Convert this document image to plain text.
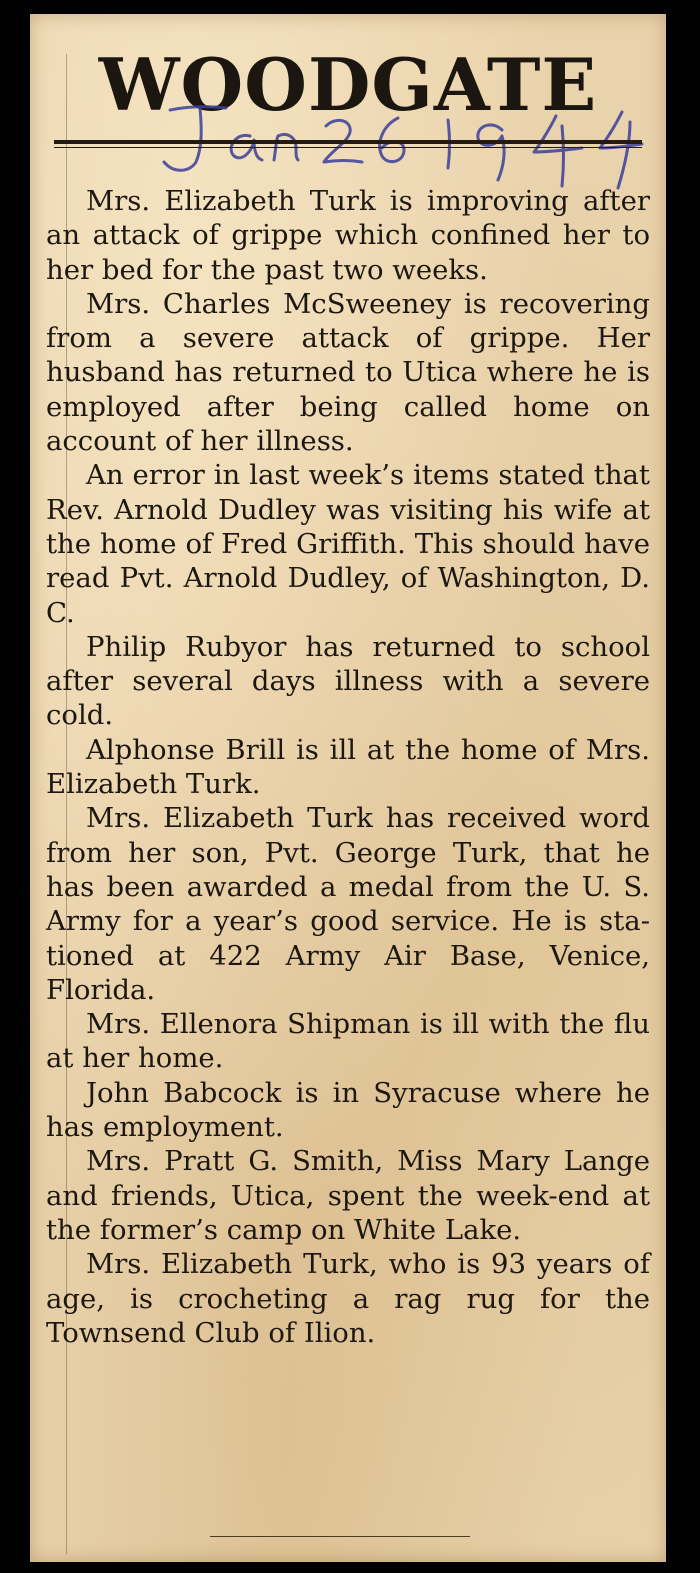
WOODGATE

Mrs. Elizabeth Turk is improving after an attack of grippe which confined her to her bed for the past two weeks.

Mrs. Charles McSweeney is recovering from a severe attack of grippe. Her husband has returned to Utica where he is employed after being called home on account of her illness.

An error in last week’s items stated that Rev. Arnold Dudley was visiting his wife at the home of Fred Griffith. This should have read Pvt. Arnold Dudley, of Washington, D. C.

Philip Rubyor has returned to school after several days illness with a severe cold.

Alphonse Brill is ill at the home of Mrs. Elizabeth Turk.

Mrs. Elizabeth Turk has received word from her son, Pvt. George Turk, that he has been awarded a medal from the U. S. Army for a year’s good service. He is stationed at 422 Army Air Base, Venice, Florida.

Mrs. Ellenora Shipman is ill with the flu at her home.

John Babcock is in Syracuse where he has employment.

Mrs. Pratt G. Smith, Miss Mary Lange and friends, Utica, spent the week-end at the former’s camp on White Lake.

Mrs. Elizabeth Turk, who is 93 years of age, is crocheting a rag rug for the Townsend Club of Ilion.
